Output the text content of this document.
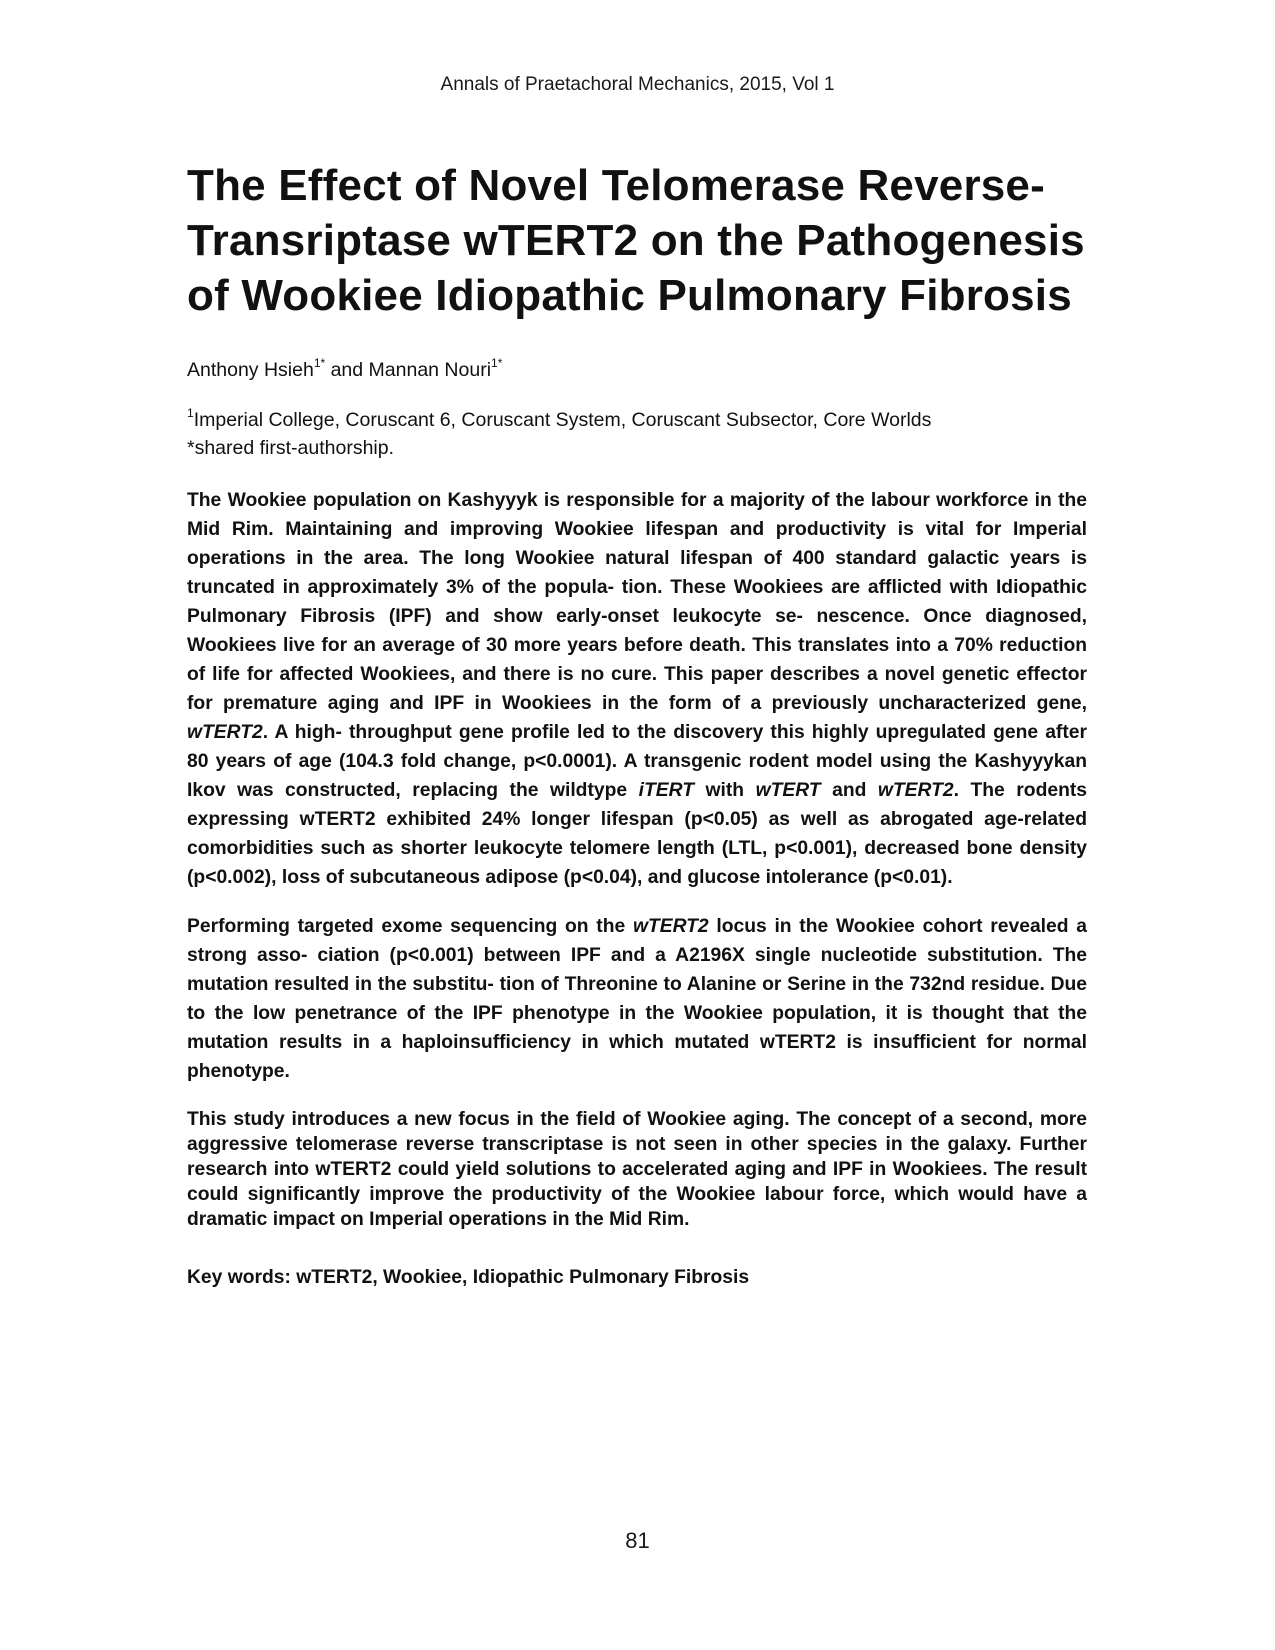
Annals of Praetachoral Mechanics, 2015, Vol 1
The Effect of Novel Telomerase Reverse-Transriptase wTERT2 on the Pathogenesis of Wookiee Idiopathic Pulmonary Fibrosis
Anthony Hsieh$^{1*}$ and Mannan Nouri$^{1*}$
$^1$Imperial College, Coruscant 6, Coruscant System, Coruscant Subsector, Core Worlds
*shared first-authorship.

The Wookiee population on Kashyyyk is responsible for a majority of the labour workforce in the Mid Rim. Maintaining and improving Wookiee lifespan and productivity is vital for Imperial operations in the area. The long Wookiee natural lifespan of 400 standard galactic years is truncated in approximately 3% of the popula- tion. These Wookiees are afflicted with Idiopathic Pulmonary Fibrosis (IPF) and show early-onset leukocyte se- nescence. Once diagnosed, Wookiees live for an average of 30 more years before death. This translates into a 70% reduction of life for affected Wookiees, and there is no cure. This paper describes a novel genetic effector for premature aging and IPF in Wookiees in the form of a previously uncharacterized gene, wTERT2. A high- throughput gene profile led to the discovery this highly upregulated gene after 80 years of age (104.3 fold change, p<0.0001). A transgenic rodent model using the Kashyyykan Ikov was constructed, replacing the wildtype iTERT with wTERT and wTERT2. The rodents expressing wTERT2 exhibited 24% longer lifespan (p<0.05) as well as abrogated age-related comorbidities such as shorter leukocyte telomere length (LTL, p<0.001), decreased bone density (p<0.002), loss of subcutaneous adipose (p<0.04), and glucose intolerance (p<0.01).

Performing targeted exome sequencing on the wTERT2 locus in the Wookiee cohort revealed a strong asso- ciation (p<0.001) between IPF and a A2196X single nucleotide substitution. The mutation resulted in the substitu- tion of Threonine to Alanine or Serine in the 732nd residue. Due to the low penetrance of the IPF phenotype in the Wookiee population, it is thought that the mutation results in a haploinsufficiency in which mutated wTERT2 is insufficient for normal phenotype.

This study introduces a new focus in the field of Wookiee aging. The concept of a second, more aggressive telomerase reverse transcriptase is not seen in other species in the galaxy. Further research into wTERT2 could yield solutions to accelerated aging and IPF in Wookiees. The result could significantly improve the productivity of the Wookiee labour force, which would have a dramatic impact on Imperial operations in the Mid Rim.

Key words: wTERT2, Wookiee, Idiopathic Pulmonary Fibrosis
81
